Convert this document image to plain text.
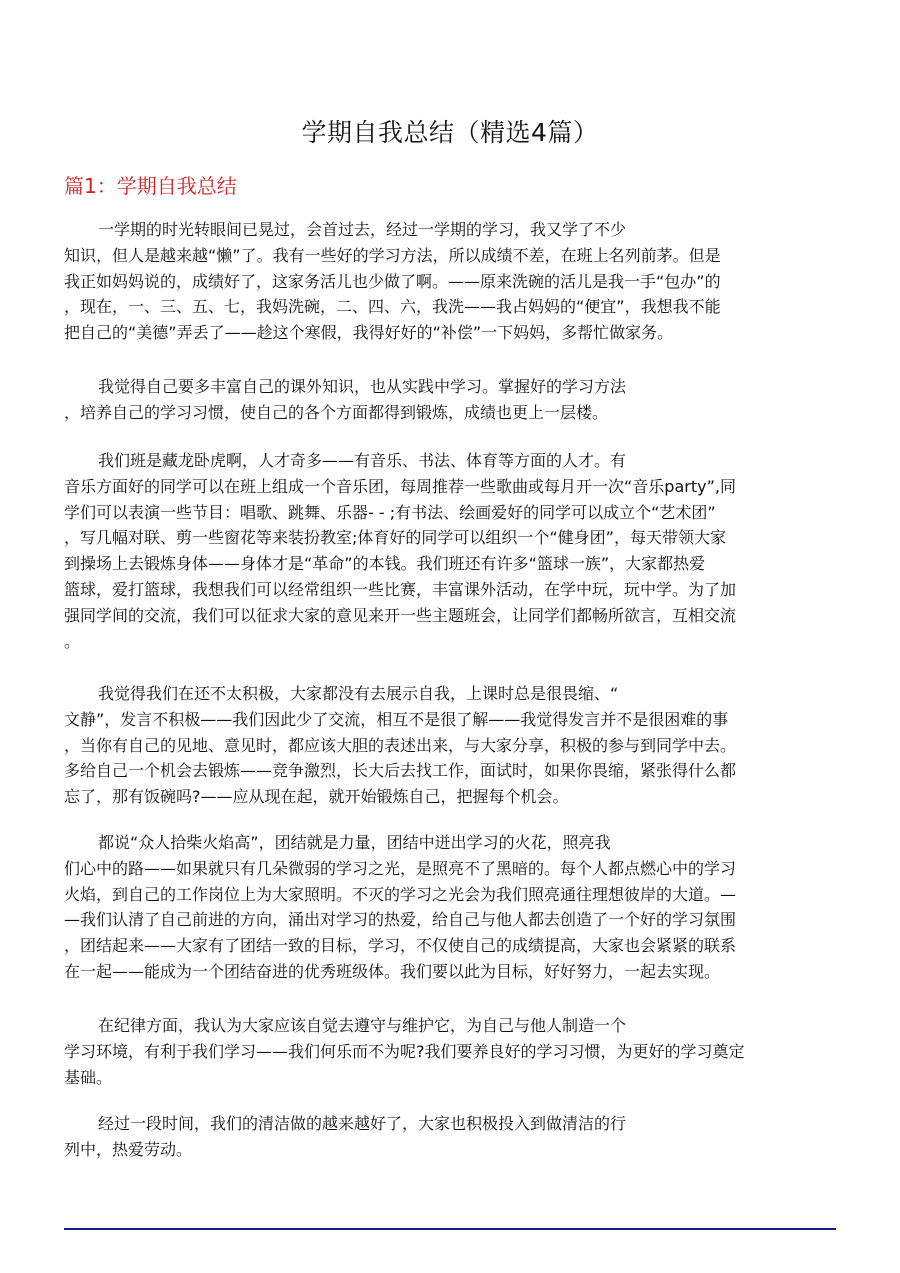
学期自我总结（精选4篇）
篇1：学期自我总结

一学期的时光转眼间已晃过，会首过去，经过一学期的学习，我又学了不少
知识，但人是越来越“懒”了。我有一些好的学习方法，所以成绩不差，在班上名列前茅。但是
我正如妈妈说的，成绩好了，这家务活儿也少做了啊。——原来洗碗的活儿是我一手“包办”的
，现在，一、三、五、七，我妈洗碗，二、四、六，我洗——我占妈妈的“便宜”，我想我不能
把自己的“美德”弄丢了——趁这个寒假，我得好好的“补偿”一下妈妈，多帮忙做家务。

我觉得自己要多丰富自己的课外知识，也从实践中学习。掌握好的学习方法
，培养自己的学习习惯，使自己的各个方面都得到锻炼，成绩也更上一层楼。

我们班是藏龙卧虎啊，人才奇多——有音乐、书法、体育等方面的人才。有
音乐方面好的同学可以在班上组成一个音乐团，每周推荐一些歌曲或每月开一次“音乐party”,同
学们可以表演一些节目：唱歌、跳舞、乐器- - ;有书法、绘画爱好的同学可以成立个“艺术团”
，写几幅对联、剪一些窗花等来装扮教室;体育好的同学可以组织一个“健身团”，每天带领大家
到操场上去锻炼身体——身体才是“革命”的本钱。我们班还有许多“篮球一族”，大家都热爱
篮球，爱打篮球，我想我们可以经常组织一些比赛，丰富课外活动，在学中玩，玩中学。为了加
强同学间的交流，我们可以征求大家的意见来开一些主题班会，让同学们都畅所欲言，互相交流
。

我觉得我们在还不太积极，大家都没有去展示自我，上课时总是很畏缩、“
文静”，发言不积极——我们因此少了交流，相互不是很了解——我觉得发言并不是很困难的事
，当你有自己的见地、意见时，都应该大胆的表述出来，与大家分享，积极的参与到同学中去。
多给自己一个机会去锻炼——竞争激烈，长大后去找工作，面试时，如果你畏缩，紧张得什么都
忘了，那有饭碗吗?——应从现在起，就开始锻炼自己，把握每个机会。

都说“众人拾柴火焰高”，团结就是力量，团结中迸出学习的火花，照亮我
们心中的路——如果就只有几朵微弱的学习之光，是照亮不了黑暗的。每个人都点燃心中的学习
火焰，到自己的工作岗位上为大家照明。不灭的学习之光会为我们照亮通往理想彼岸的大道。—
—我们认清了自己前进的方向，涌出对学习的热爱，给自己与他人都去创造了一个好的学习氛围
，团结起来——大家有了团结一致的目标，学习，不仅使自己的成绩提高，大家也会紧紧的联系
在一起——能成为一个团结奋进的优秀班级体。我们要以此为目标，好好努力，一起去实现。

在纪律方面，我认为大家应该自觉去遵守与维护它，为自己与他人制造一个
学习环境，有利于我们学习——我们何乐而不为呢?我们要养良好的学习习惯，为更好的学习奠定
基础。

经过一段时间，我们的清洁做的越来越好了，大家也积极投入到做清洁的行
列中，热爱劳动。
